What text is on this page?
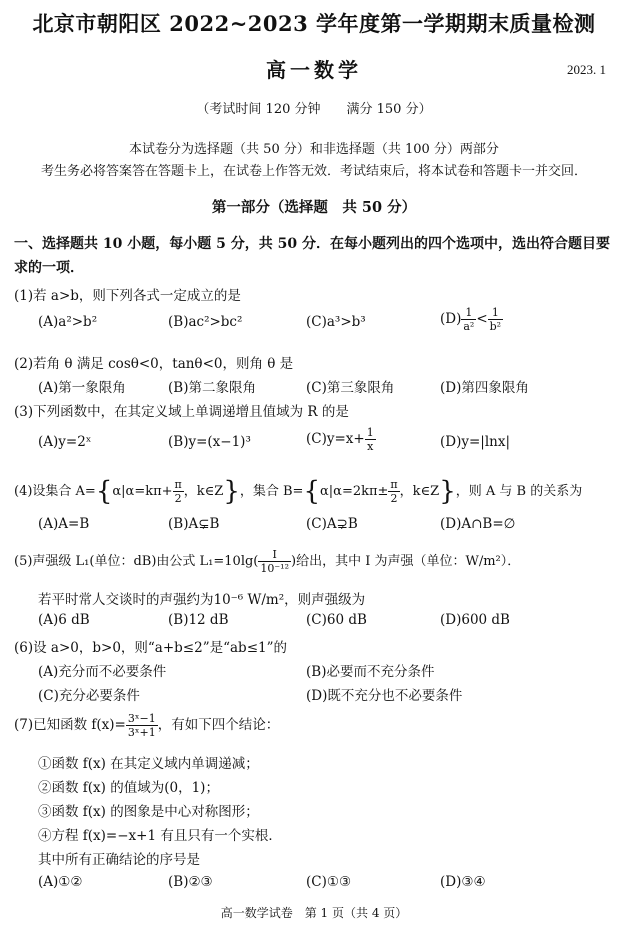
北京市朝阳区 2022~2023 学年度第一学期期末质量检测
高一数学	2023. 1
（考试时间 120 分钟　　满分 150 分）
本试卷分为选择题（共 50 分）和非选择题（共 100 分）两部分
考生务必将答案答在答题卡上，在试卷上作答无效．考试结束后，将本试卷和答题卡一并交回．
第一部分（选择题　共 50 分）
一、选择题共 10 小题，每小题 5 分，共 50 分．在每小题列出的四个选项中，选出符合题目要求的一项．
(1)若 a>b，则下列各式一定成立的是
(A)a²>b²	(B)ac²>bc²	(C)a³>b³	$(D) \frac{1}{\text{a²}} < \frac{1}{\text{b²}}$
(2)若角 θ 满足 cosθ<0，tanθ<0，则角 θ 是
(A)第一象限角	(B)第二象限角	(C)第三象限角	(D)第四象限角
(3)下列函数中，在其定义域上单调递增且值域为 R 的是
(A)y=2ˣ	(B)y=(x−1)³	$(C)y=x+ \frac{1}{x}$	(D)y=|lnx|
(4)设集合 $A=\{\alpha|\alpha=k\pi+ \frac{\pi}{2}$ ，k∈Z}，集合 $B=\{\alpha|\alpha=2k\pi\pm \frac{\pi}{2}$ ，k∈Z}，则 A 与 B 的关系为
(A)A=B	(B)A⊊B	(C)A⊋B	(D)A∩B=∅
(5)声强级 L₁(单位：dB)由公式 $L_1=10\lg( \frac{I}{\text{10⁻¹²}}$ )给出，其中 I 为声强（单位：W/m²）．
若平时常人交谈时的声强约为10⁻⁶ W/m²，则声强级为
(A)6 dB	(B)12 dB	(C)60 dB	(D)600 dB
(6)设 a>0，b>0，则“a+b≤2”是“ab≤1”的
(A)充分而不必要条件	(B)必要而不充分条件
(C)充分必要条件	(D)既不充分也不必要条件
(7)已知函数 $f(x)= \frac{\text{3ˣ−1}}{\text{3ˣ+1}}$ ，有如下四个结论：
①函数 f(x) 在其定义域内单调递减；
②函数 f(x) 的值域为(0，1)；
③函数 f(x) 的图象是中心对称图形；
④方程 f(x)=−x+1 有且只有一个实根．
其中所有正确结论的序号是
(A)①②	(B)②③	(C)①③	(D)③④
高一数学试卷　第 1 页（共 4 页）
